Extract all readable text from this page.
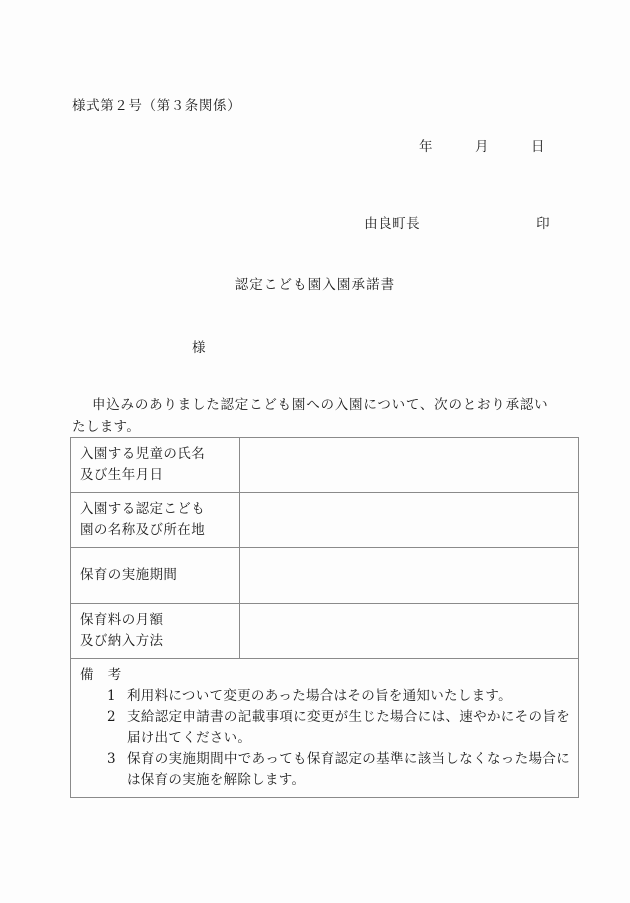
様式第２号（第３条関係）
年　　　月　　　日

由良町長	印

認定こども園入園承諾書
様
申込みのありました認定こども園への入園について、次のとおり承認いたします。
入園する児童の氏名
及び生年月日	

入園する認定こども
園の名称及び所在地	

保育の実施期間	

保育料の月額
及び納入方法	

備　考
1 利用料について変更のあった場合はその旨を通知いたします。
2 支給認定申請書の記載事項に変更が生じた場合には、速やかにその旨を届け出てください。
3 保育の実施期間中であっても保育認定の基準に該当しなくなった場合には保育の実施を解除します。
